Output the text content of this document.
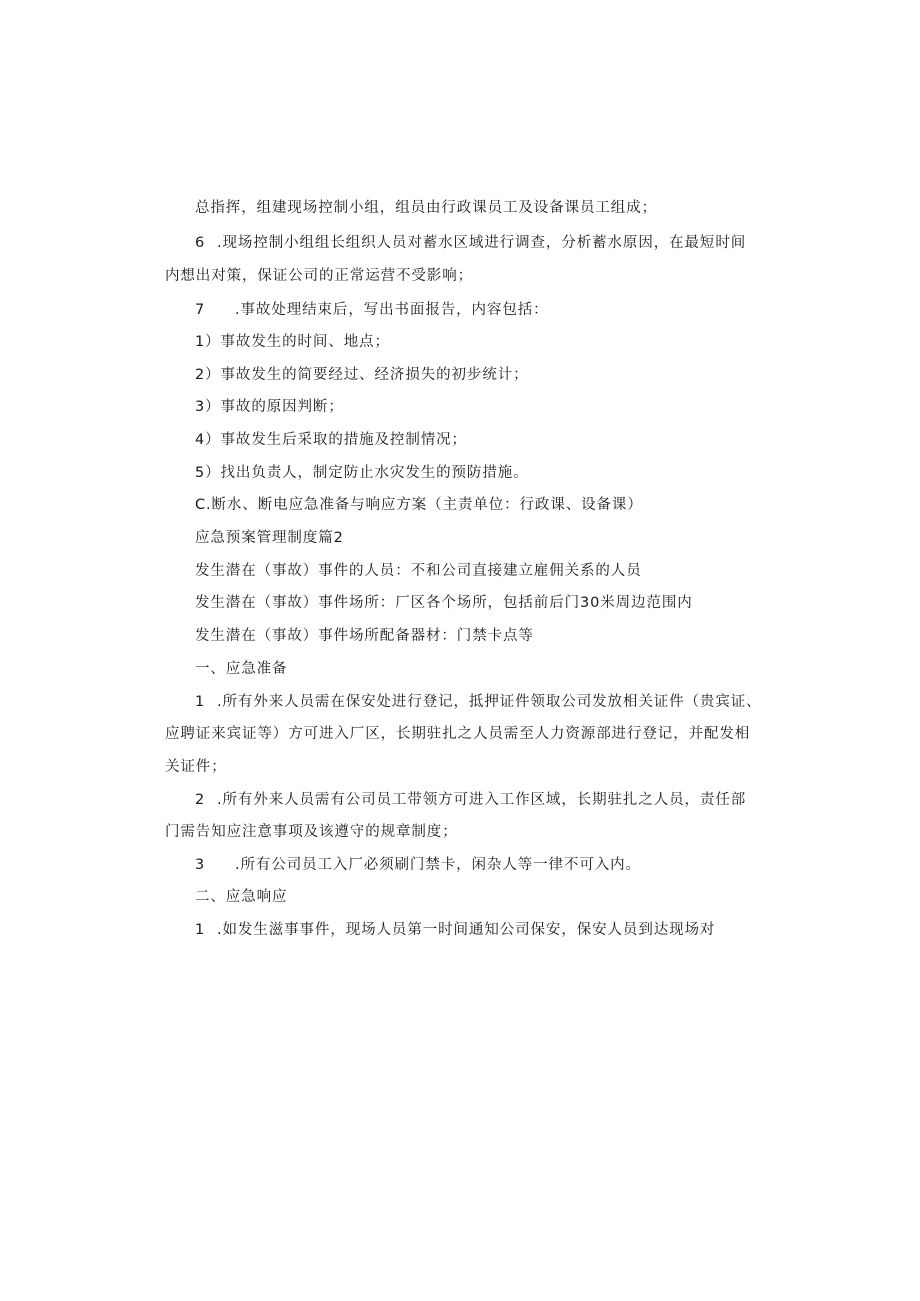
总指挥，组建现场控制小组，组员由行政课员工及设备课员工组成；
6 .现场控制小组组长组织人员对蓄水区域进行调查，分析蓄水原因，在最短时间
内想出对策，保证公司的正常运营不受影响；
7 .事故处理结束后，写出书面报告，内容包括：
1）事故发生的时间、地点；
2）事故发生的简要经过、经济损失的初步统计；
3）事故的原因判断；
4）事故发生后采取的措施及控制情况；
5）找出负责人，制定防止水灾发生的预防措施。
C.断水、断电应急准备与响应方案（主责单位：行政课、设备课）
应急预案管理制度篇2
发生潜在（事故）事件的人员：不和公司直接建立雇佣关系的人员
发生潜在（事故）事件场所：厂区各个场所，包括前后门30米周边范围内
发生潜在（事故）事件场所配备器材：门禁卡点等
一、应急准备
1 .所有外来人员需在保安处进行登记，抵押证件领取公司发放相关证件（贵宾证、
应聘证来宾证等）方可进入厂区，长期驻扎之人员需至人力资源部进行登记，并配发相
关证件；
2 .所有外来人员需有公司员工带领方可进入工作区域，长期驻扎之人员，责任部
门需告知应注意事项及该遵守的规章制度；
3 .所有公司员工入厂必须刷门禁卡，闲杂人等一律不可入内。
二、应急响应
1 .如发生滋事事件，现场人员第一时间通知公司保安，保安人员到达现场对
